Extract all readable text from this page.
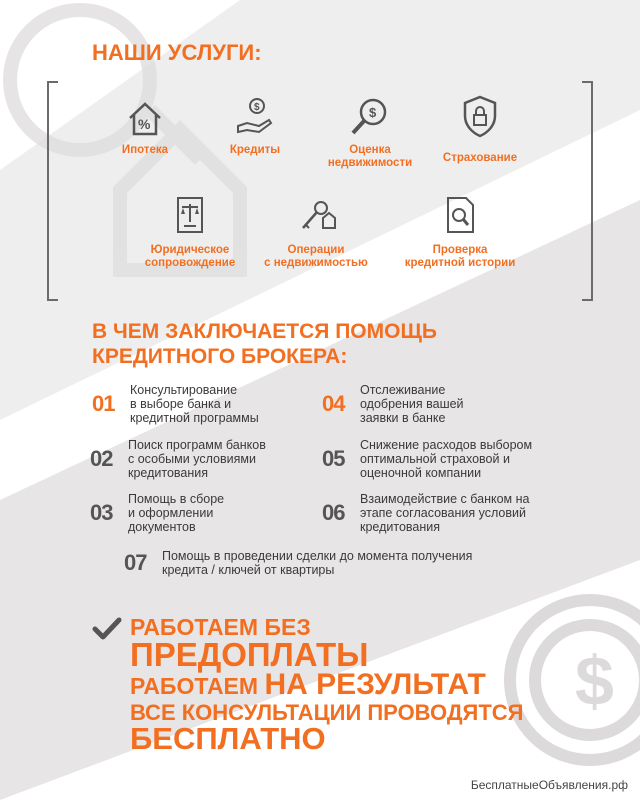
$
НАШИ УСЛУГИ:
%
Ипотека
$
Кредиты
$
Оценка
недвижимости	Страхование
Юридическое
сопровождение
Операции
с недвижимостью
Проверка
кредитной истории
В ЧЕМ ЗАКЛЮЧАЕТСЯ ПОМОЩЬ
КРЕДИТНОГО БРОКЕРА:
01
Консультирование
в выборе банка и
кредитной программы
02
Поиск программ банков
с особыми условиями
кредитования
03
Помощь в сборе
и оформлении
документов
04
Отслеживание
одобрения вашей
заявки в банке
05
Снижение расходов выбором
оптимальной страховой и
оценочной компании
06
Взаимодействие с банком на
этапе согласования условий
кредитования
07	Помощь в проведении сделки до момента получения
кредита / ключей от квартиры
РАБОТАЕМ БЕЗ
ПРЕДОПЛАТЫ
РАБОТАЕМ НА РЕЗУЛЬТАТ
ВСЕ КОНСУЛЬТАЦИИ ПРОВОДЯТСЯ
БЕСПЛАТНО
БесплатныеОбъявления.рф
